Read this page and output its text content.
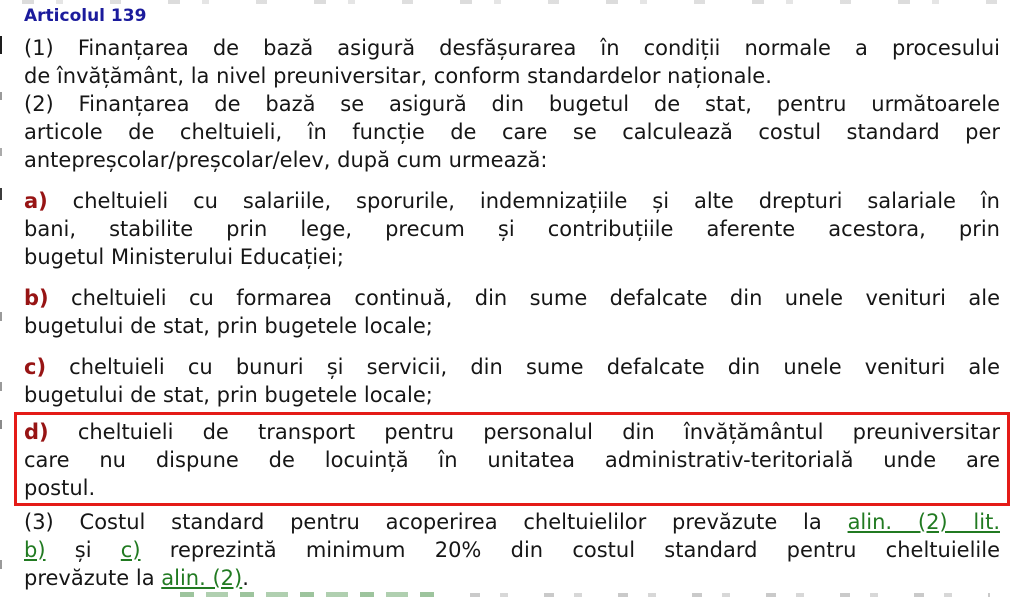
Articolul 139
(1) Finanțarea de bază asigură desfășurarea în condiții normale a procesului
de învățământ, la nivel preuniversitar, conform standardelor naționale.
(2) Finanțarea de bază se asigură din bugetul de stat, pentru următoarele
articole de cheltuieli, în funcție de care se calculează costul standard per
antepreșcolar/preșcolar/elev, după cum urmează:
a) cheltuieli cu salariile, sporurile, indemnizațiile și alte drepturi salariale în
bani, stabilite prin lege, precum și contribuțiile aferente acestora, prin
bugetul Ministerului Educației;
b) cheltuieli cu formarea continuă, din sume defalcate din unele venituri ale
bugetului de stat, prin bugetele locale;
c) cheltuieli cu bunuri și servicii, din sume defalcate din unele venituri ale
bugetului de stat, prin bugetele locale;
d) cheltuieli de transport pentru personalul din învățământul preuniversitar
care nu dispune de locuință în unitatea administrativ-teritorială unde are
postul.
(3) Costul standard pentru acoperirea cheltuielilor prevăzute la alin. (2) lit.
b) și c) reprezintă minimum 20% din costul standard pentru cheltuielile
prevăzute la alin. (2).
